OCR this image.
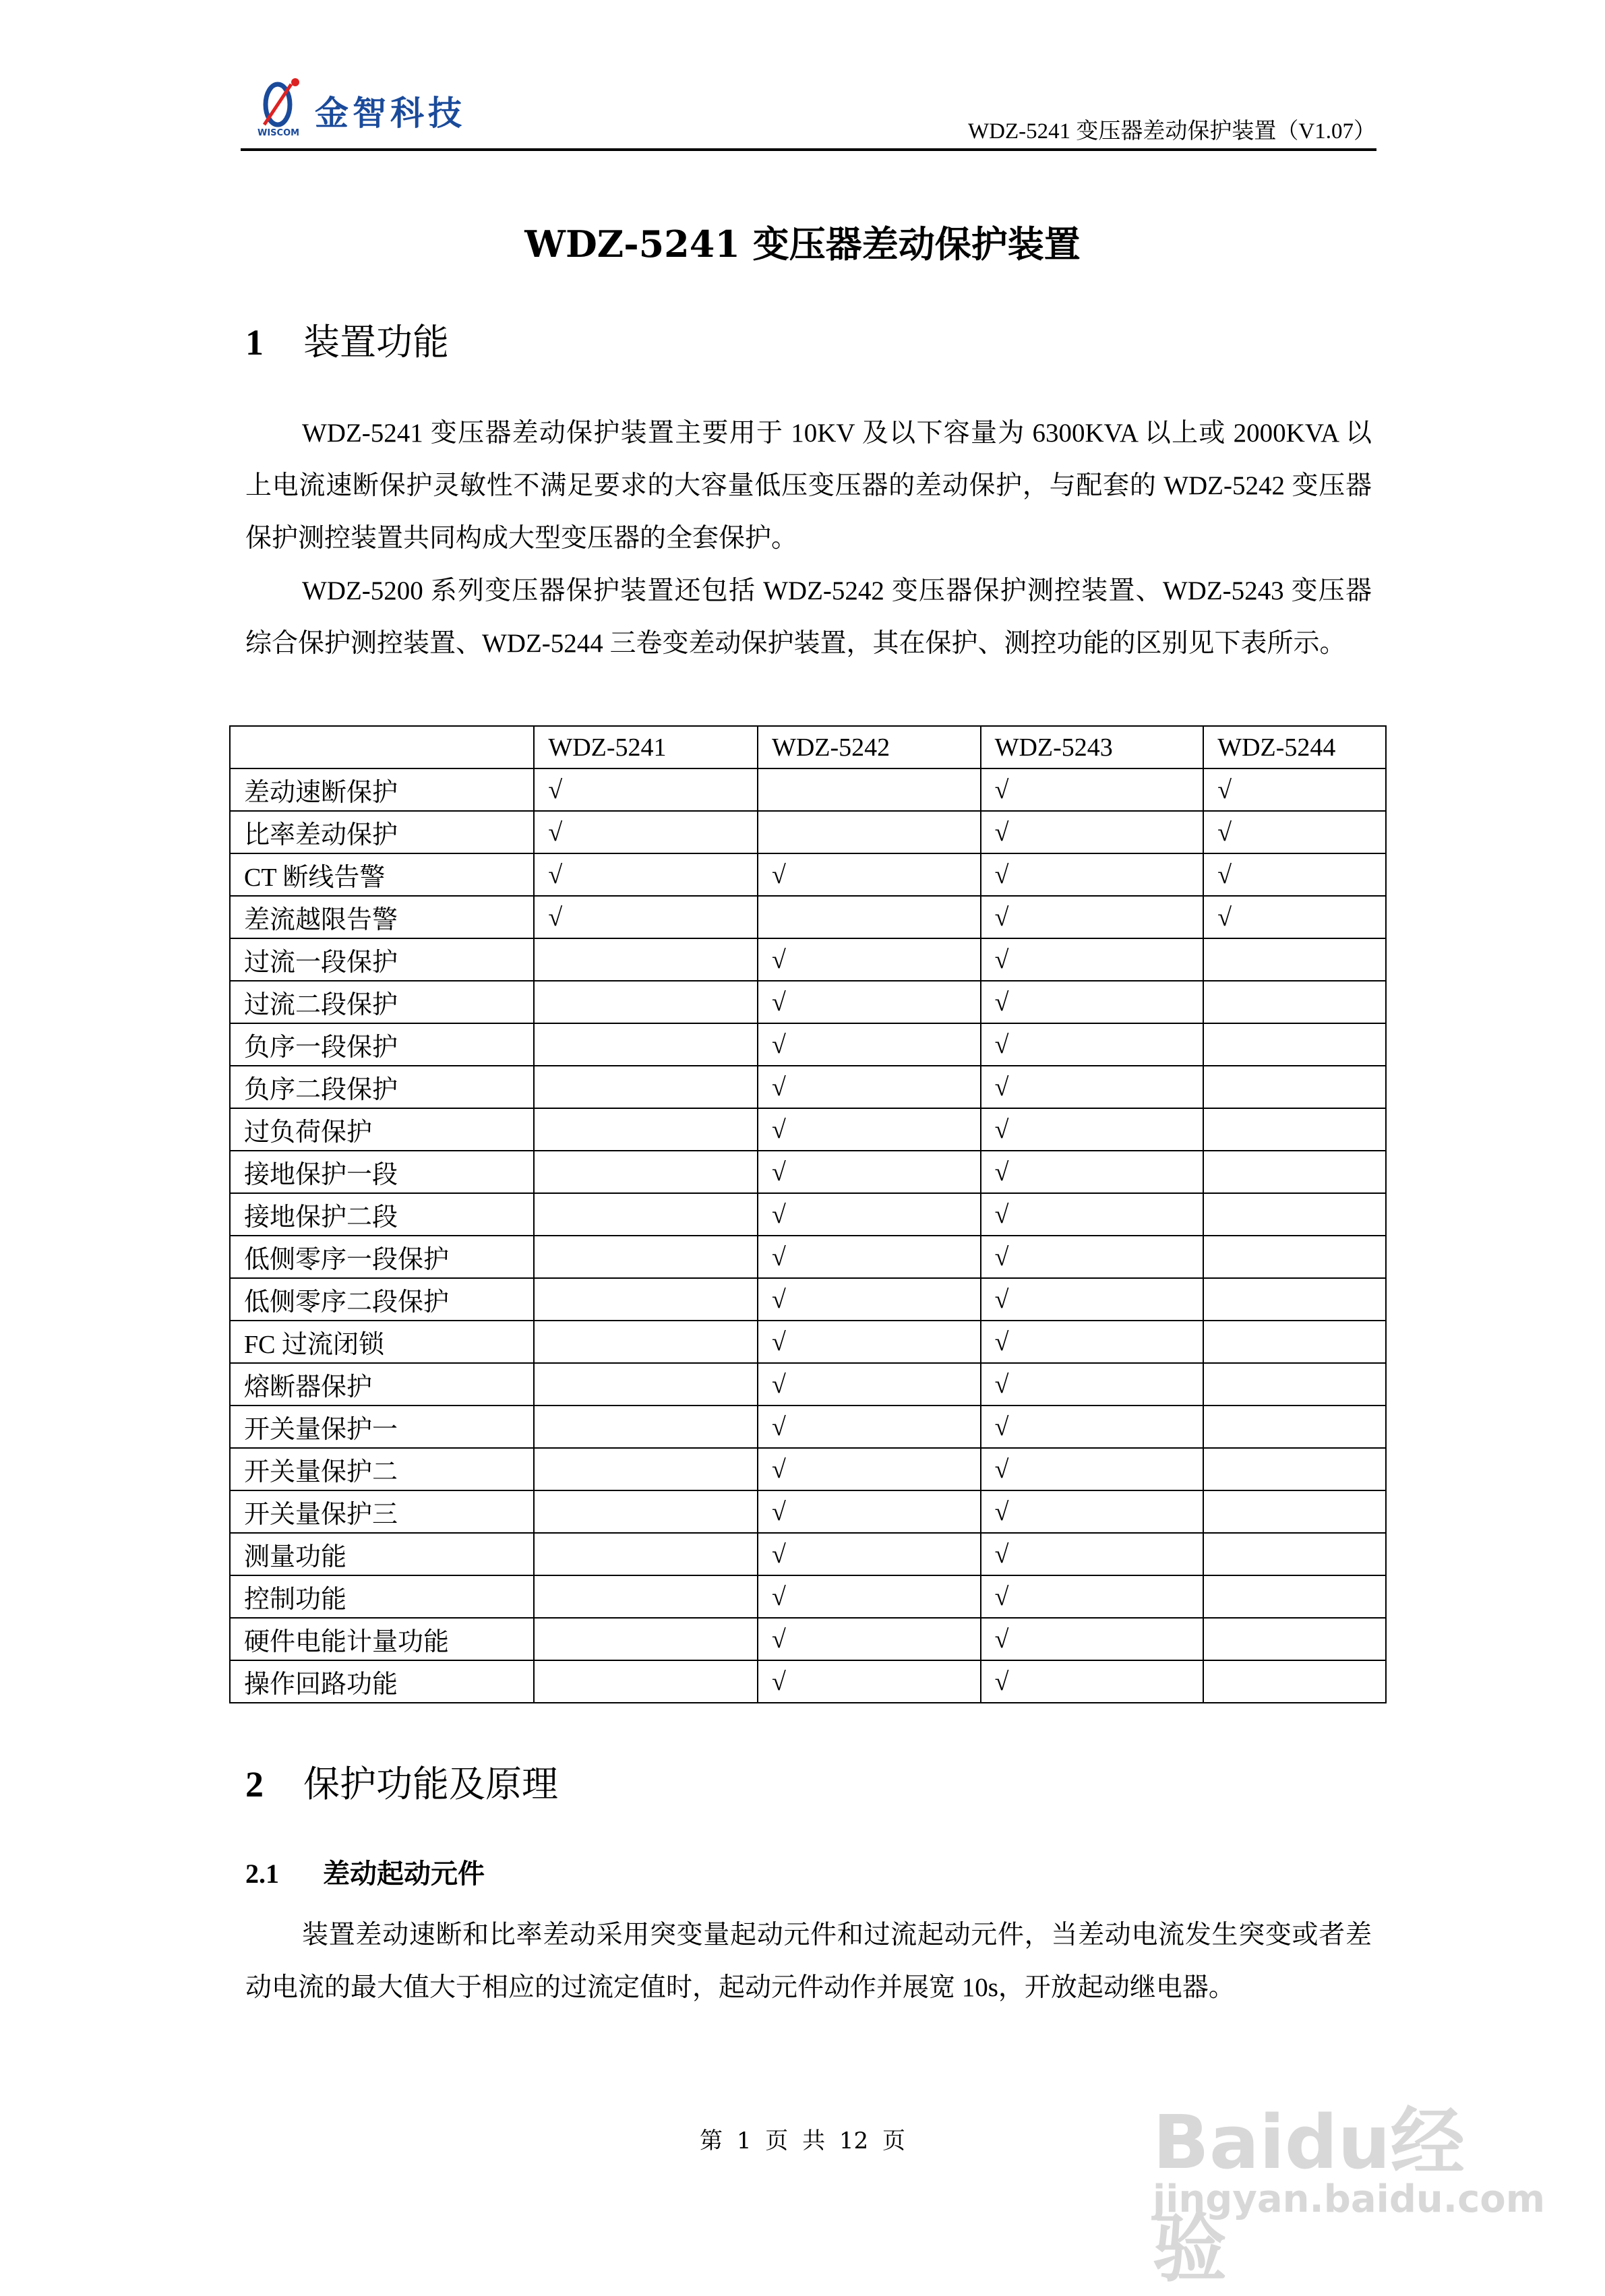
金智科技
WISCOM	WDZ-5241 变压器差动保护装置（V1.07）
WDZ-5241 变压器差动保护装置
1 装置功能

WDZ-5241 变压器差动保护装置主要用于 10KV 及以下容量为 6300KVA 以上或 2000KVA 以上电流速断保护灵敏性不满足要求的大容量低压变压器的差动保护，与配套的 WDZ-5242 变压器保护测控装置共同构成大型变压器的全套保护。

WDZ-5200 系列变压器保护装置还包括 WDZ-5242 变压器保护测控装置、WDZ-5243 变压器综合保护测控装置、WDZ-5244 三卷变差动保护装置，其在保护、测控功能的区别见下表所示。

	WDZ-5241	WDZ-5242	WDZ-5243	WDZ-5244
差动速断保护	√		√	√
比率差动保护	√		√	√
CT 断线告警	√	√	√	√
差流越限告警	√		√	√
过流一段保护		√	√	
过流二段保护		√	√	
负序一段保护		√	√	
负序二段保护		√	√	
过负荷保护		√	√	
接地保护一段		√	√	
接地保护二段		√	√	
低侧零序一段保护		√	√	
低侧零序二段保护		√	√	
FC 过流闭锁		√	√	
熔断器保护		√	√	
开关量保护一		√	√	
开关量保护二		√	√	
开关量保护三		√	√	
测量功能		√	√	
控制功能		√	√	
硬件电能计量功能		√	√	
操作回路功能		√	√	
2 保护功能及原理
2.1 差动起动元件

装置差动速断和比率差动采用突变量起动元件和过流起动元件，当差动电流发生突变或者差动电流的最大值大于相应的过流定值时，起动元件动作并展宽 10s，开放起动继电器。

第 1 页 共 12 页	Baidu经验
jingyan.baidu.com
